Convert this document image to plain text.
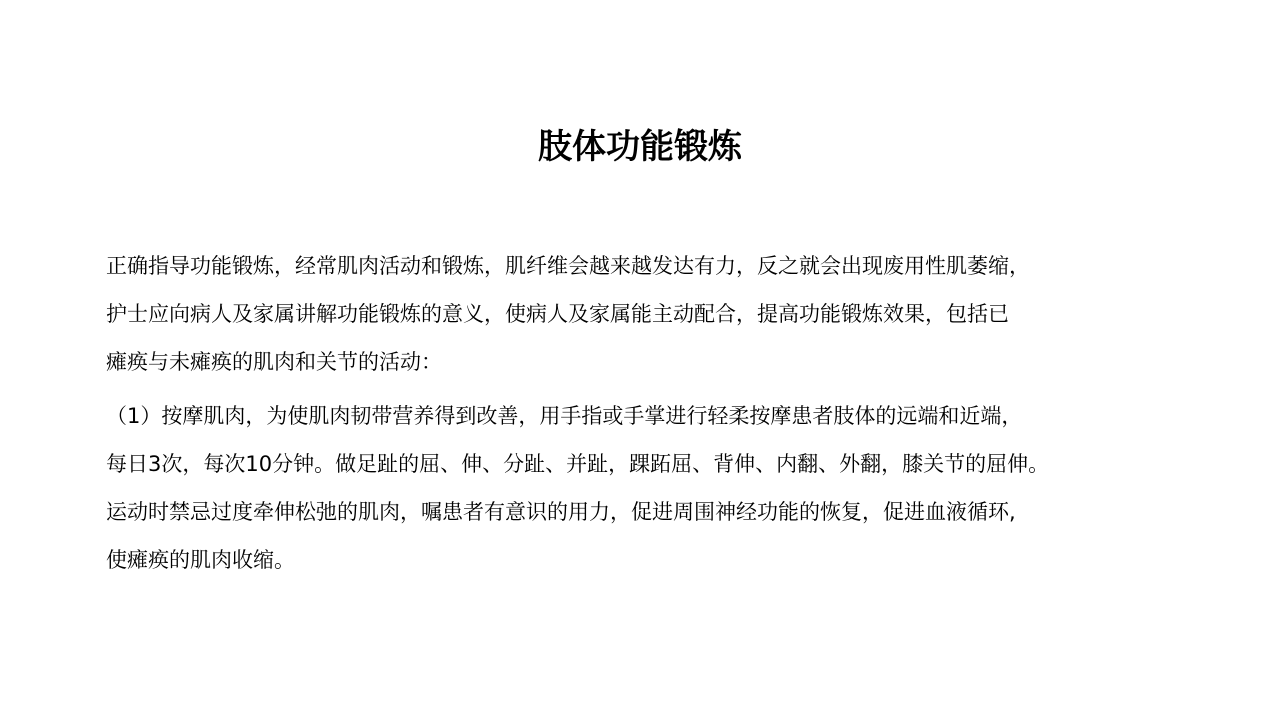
肢体功能锻炼
正确指导功能锻炼，经常肌肉活动和锻炼，肌纤维会越来越发达有力，反之就会出现废用性肌萎缩，
护士应向病人及家属讲解功能锻炼的意义，使病人及家属能主动配合，提高功能锻炼效果，包括已
瘫痪与未瘫痪的肌肉和关节的活动：
（1）按摩肌肉，为使肌肉韧带营养得到改善，用手指或手掌进行轻柔按摩患者肢体的远端和近端，
每日3次，每次10分钟。做足趾的屈、伸、分趾、并趾，踝跖屈、背伸、内翻、外翻，膝关节的屈伸。
运动时禁忌过度牵伸松弛的肌肉，嘱患者有意识的用力，促进周围神经功能的恢复，促进血液循环,
使瘫痪的肌肉收缩。
